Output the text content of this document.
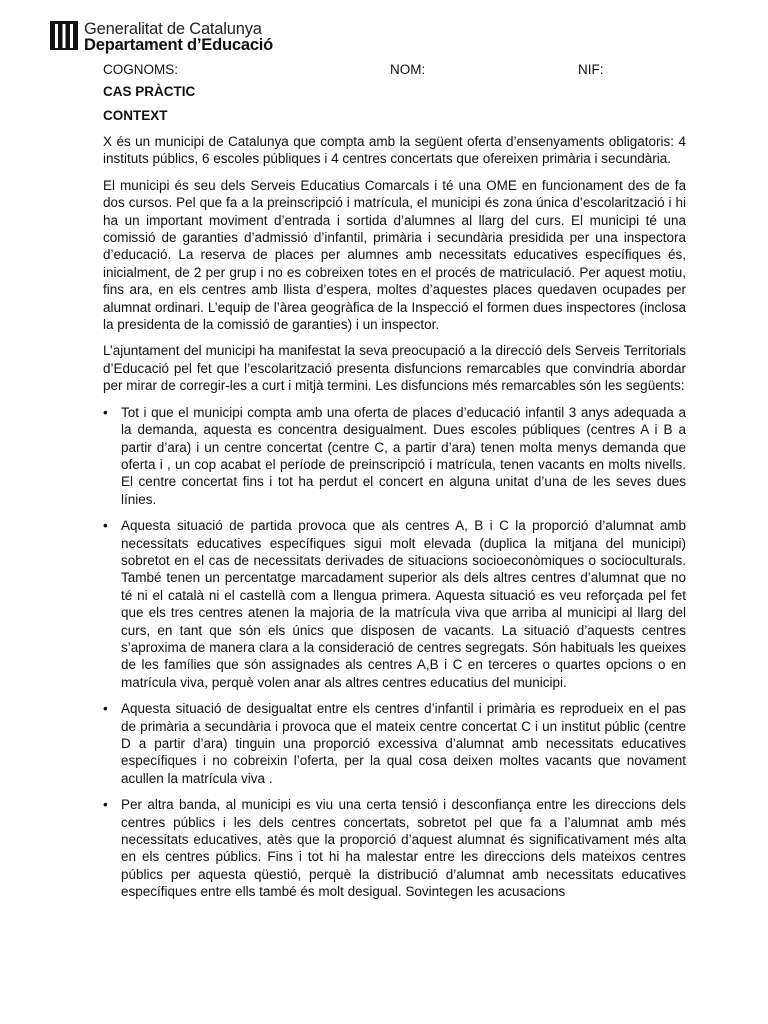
Generalitat de Catalunya
Departament d’Educació
COGNOMS:	NOM:	NIF:
CAS PRÀCTIC
CONTEXT

X és un municipi de Catalunya que compta amb la següent oferta d’ensenyaments obligatoris: 4 instituts públics, 6 escoles públiques i 4 centres concertats que ofereixen primària i secundària.

El municipi és seu dels Serveis Educatius Comarcals i té una OME en funcionament des de fa dos cursos. Pel que fa a la preinscripció i matrícula, el municipi és zona única d’escolarització i hi ha un important moviment d’entrada i sortida d’alumnes al llarg del curs. El municipi té una comissió de garanties d’admissió d’infantil, primària i secundària presidida per una inspectora d’educació. La reserva de places per alumnes amb necessitats educatives específiques és, inicialment, de 2 per grup i no es cobreixen totes en el procés de matriculació. Per aquest motiu, fins ara, en els centres amb llista d’espera, moltes d’aquestes places quedaven ocupades per alumnat ordinari. L’equip de l’àrea geogràfica de la Inspecció el formen dues inspectores (inclosa la presidenta de la comissió de garanties) i un inspector.

L’ajuntament del municipi ha manifestat la seva preocupació a la direcció dels Serveis Territorials d’Educació pel fet que l’escolarització presenta disfuncions remarcables que convindria abordar per mirar de corregir-les a curt i mitjà termini. Les disfuncions més remarcables són les següents:

• Tot i que el municipi compta amb una oferta de places d’educació infantil 3 anys adequada a la demanda, aquesta es concentra desigualment. Dues escoles públiques (centres A i B a partir d’ara) i un centre concertat (centre C, a partir d’ara) tenen molta menys demanda que oferta i , un cop acabat el període de preinscripció i matrícula, tenen vacants en molts nivells. El centre concertat fins i tot ha perdut el concert en alguna unitat d’una de les seves dues línies.
• Aquesta situació de partida provoca que als centres A, B i C la proporció d’alumnat amb necessitats educatives específiques sigui molt elevada (duplica la mitjana del municipi) sobretot en el cas de necessitats derivades de situacions socioeconòmiques o socioculturals. També tenen un percentatge marcadament superior als dels altres centres d’alumnat que no té ni el català ni el castellà com a llengua primera. Aquesta situació es veu reforçada pel fet que els tres centres atenen la majoria de la matrícula viva que arriba al municipi al llarg del curs, en tant que són els únics que disposen de vacants. La situació d’aquests centres s’aproxima de manera clara a la consideració de centres segregats. Són habituals les queixes de les famílies que són assignades als centres A,B i C en terceres o quartes opcions o en matrícula viva, perquè volen anar als altres centres educatius del municipi.
• Aquesta situació de desigualtat entre els centres d’infantil i primària es reprodueix en el pas de primària a secundària i provoca que el mateix centre concertat C i un institut públic (centre D a partir d’ara) tinguin una proporció excessiva d’alumnat amb necessitats educatives específiques i no cobreixin l’oferta, per la qual cosa deixen moltes vacants que novament acullen la matrícula viva .
• Per altra banda, al municipi es viu una certa tensió i desconfiança entre les direccions dels centres públics i les dels centres concertats, sobretot pel que fa a l’alumnat amb més necessitats educatives, atès que la proporció d’aquest alumnat és significativament més alta en els centres públics. Fins i tot hi ha malestar entre les direccions dels mateixos centres públics per aquesta qüestió, perquè la distribució d’alumnat amb necessitats educatives específiques entre ells també és molt desigual. Sovintegen les acusacions
